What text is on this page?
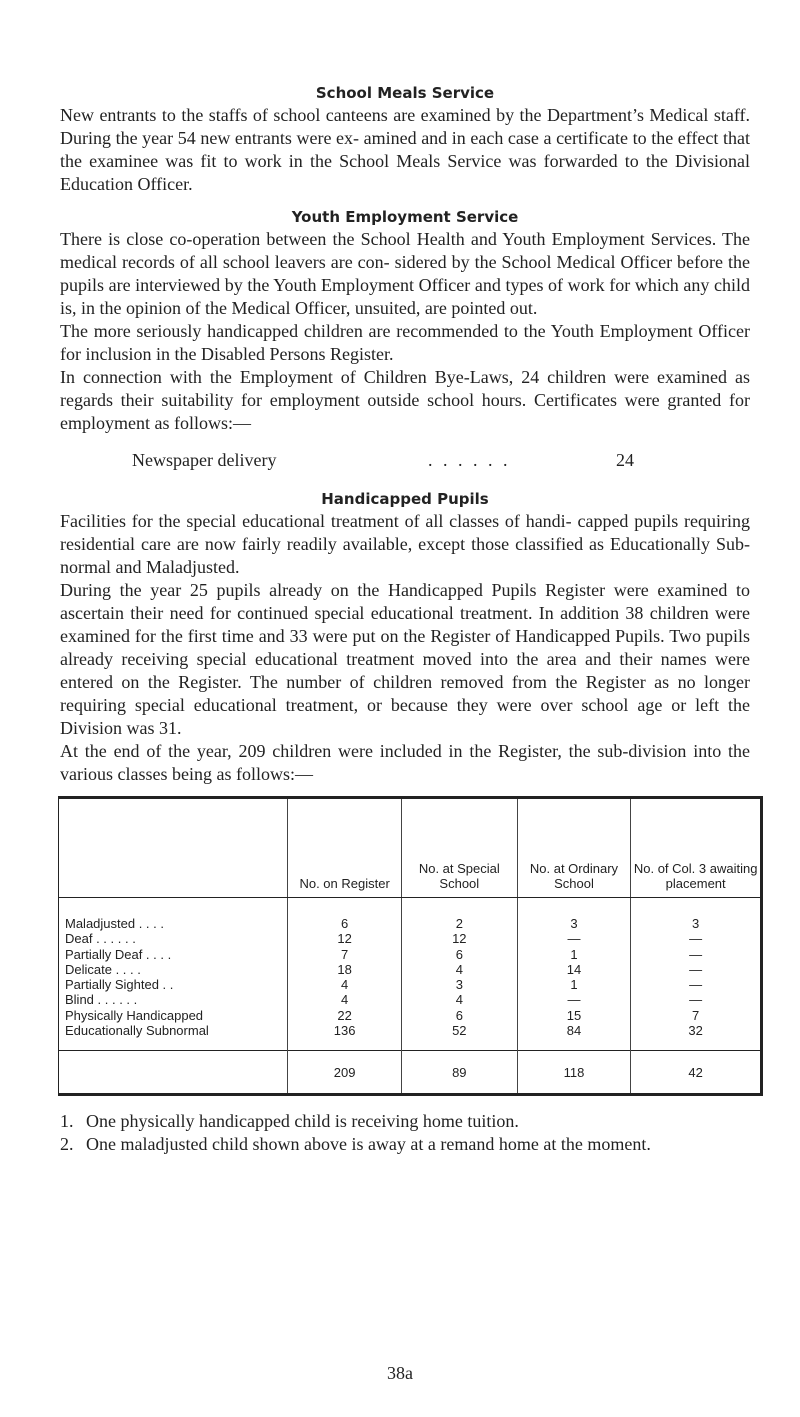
School Meals Service

New entrants to the staffs of school canteens are examined by the Department’s Medical staff. During the year 54 new entrants were ex- amined and in each case a certificate to the effect that the examinee was fit to work in the School Meals Service was forwarded to the Divisional Education Officer.

Youth Employment Service

There is close co-operation between the School Health and Youth Employment Services. The medical records of all school leavers are con- sidered by the School Medical Officer before the pupils are interviewed by the Youth Employment Officer and types of work for which any child is, in the opinion of the Medical Officer, unsuited, are pointed out.

The more seriously handicapped children are recommended to the Youth Employment Officer for inclusion in the Disabled Persons Register.

In connection with the Employment of Children Bye-Laws, 24 children were examined as regards their suitability for employment outside school hours. Certificates were granted for employment as follows:—

Newspaper delivery	. . . . . .	24
Handicapped Pupils

Facilities for the special educational treatment of all classes of handi- capped pupils requiring residential care are now fairly readily available, except those classified as Educationally Sub-normal and Maladjusted.

During the year 25 pupils already on the Handicapped Pupils Register were examined to ascertain their need for continued special educational treatment. In addition 38 children were examined for the first time and 33 were put on the Register of Handicapped Pupils. Two pupils already receiving special educational treatment moved into the area and their names were entered on the Register. The number of children removed from the Register as no longer requiring special educational treatment, or because they were over school age or left the Division was 31.

At the end of the year, 209 children were included in the Register, the sub-division into the various classes being as follows:—

	No. on Register	No. at Special School	No. at Ordinary School	No. of Col. 3 awaiting placement
Maladjusted . . . .	6	2	3	3
Deaf . . . . . .	12	12	—	—
Partially Deaf . . . .	7	6	1	—
Delicate . . . .	18	4	14	—
Partially Sighted . .	4	3	1	—
Blind . . . . . .	4	4	—	—
Physically Handicapped	22	6	15	7
Educationally Subnormal	136	52	84	32
	209	89	118	42
1. One physically handicapped child is receiving home tuition.
2. One maladjusted child shown above is away at a remand home at the moment.
38a
